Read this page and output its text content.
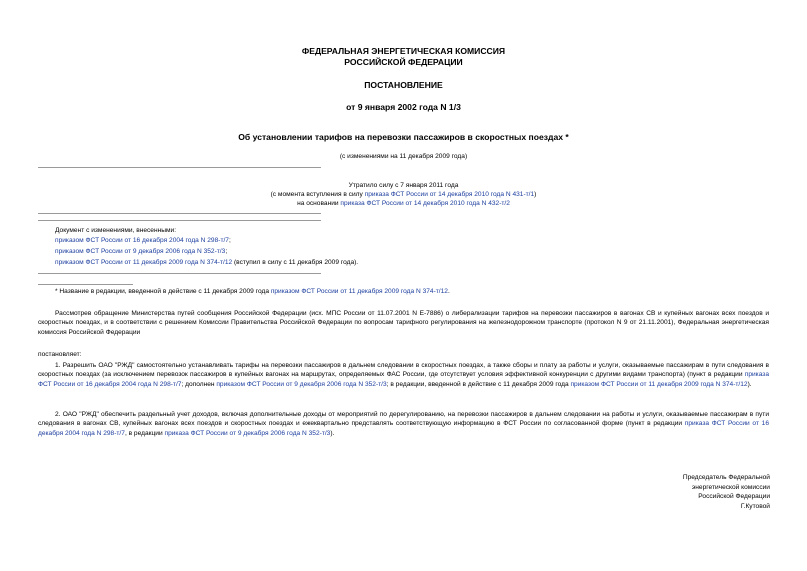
ФЕДЕРАЛЬНАЯ ЭНЕРГЕТИЧЕСКАЯ КОМИССИЯ
РОССИЙСКОЙ ФЕДЕРАЦИИ
ПОСТАНОВЛЕНИЕ
от 9 января 2002 года N 1/3
Об установлении тарифов на перевозки пассажиров в скоростных поездах *
(с изменениями на 11 декабря 2009 года)
Утратило силу с 7 января 2011 года
(с момента вступления в силу приказа ФСТ России от 14 декабря 2010 года N 431-т/1)
на основании приказа ФСТ России от 14 декабря 2010 года N 432-т/2
Документ с изменениями, внесенными:
приказом ФСТ России от 16 декабря 2004 года N 298-т/7;
приказом ФСТ России от 9 декабря 2006 года N 352-т/3;
приказом ФСТ России от 11 декабря 2009 года N 374-т/12 (вступил в силу с 11 декабря 2009 года).
* Название в редакции, введенной в действие с 11 декабря 2009 года приказом ФСТ России от 11 декабря 2009 года N 374-т/12.

Рассмотрев обращение Министерства путей сообщения Российской Федерации (исх. МПС России от 11.07.2001 N Е-7886) о либерализации тарифов на перевозки пассажиров в вагонах СВ и купейных вагонах всех поездов и скоростных поездах, и в соответствии с решением Комиссии Правительства Российской Федерации по вопросам тарифного регулирования на железнодорожном транспорте (протокол N 9 от 21.11.2001), Федеральная энергетическая комиссия Российской Федерации

постановляет:

1. Разрешить ОАО "РЖД" самостоятельно устанавливать тарифы на перевозки пассажиров в дальнем следовании в скоростных поездах, а также сборы и плату за работы и услуги, оказываемые пассажирам в пути следования в скоростных поездах (за исключением перевозок пассажиров в купейных вагонах на маршрутах, определяемых ФАС России, где отсутствует условия эффективной конкуренции с другими видами транспорта) (пункт в редакции приказа ФСТ России от 16 декабря 2004 года N 298-т/7; дополнен приказом ФСТ России от 9 декабря 2006 года N 352-т/3; в редакции, введенной в действие с 11 декабря 2009 года приказом ФСТ России от 11 декабря 2009 года N 374-т/12).

2. ОАО "РЖД" обеспечить раздельный учет доходов, включая дополнительные доходы от мероприятий по дерегулированию, на перевозки пассажиров в дальнем следовании на работы и услуги, оказываемые пассажирам в пути следования в вагонах СВ, купейных вагонах всех поездов и скоростных поездах и ежеквартально представлять соответствующую информацию в ФСТ России по согласованной форме (пункт в редакции приказа ФСТ России от 16 декабря 2004 года N 298-т/7, в редакции приказа ФСТ России от 9 декабря 2006 года N 352-т/3).

Председатель Федеральной
энергетической комиссии
Российской Федерации
Г.Кутовой
